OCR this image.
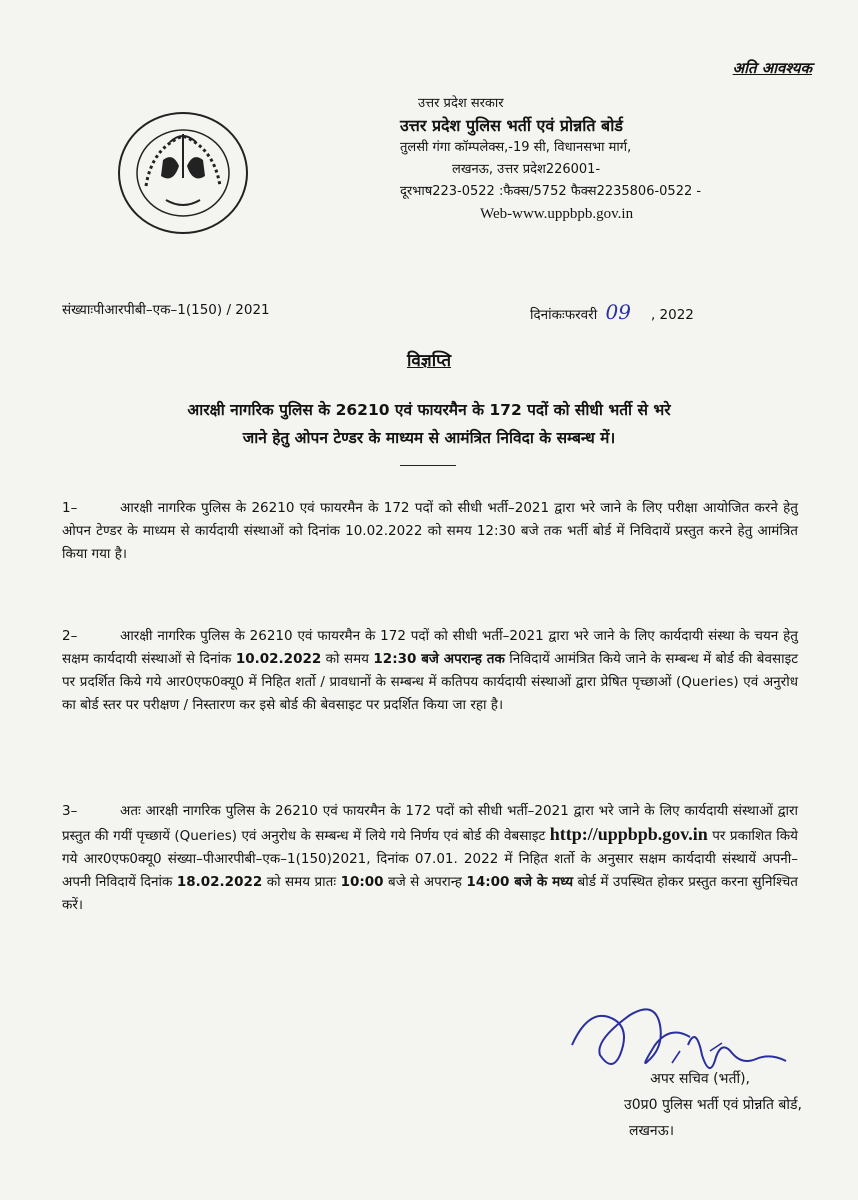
अति आवश्यक
उत्तर प्रदेश सरकार
उत्तर प्रदेश पुलिस भर्ती एवं प्रोन्नति बोर्ड
तुलसी गंगा कॉम्पलेक्स,-19 सी, विधानसभा मार्ग,
लखनऊ, उत्तर प्रदेश226001-
दूरभाष223-0522 :फैक्स/5752 फैक्स2235806-0522 -
Web-www.uppbpb.gov.in
संख्याःपीआरपीबी–एक–1(150) / 2021	दिनांकःफरवरी 09 , 2022
विज्ञप्ति
आरक्षी नागरिक पुलिस के 26210 एवं फायरमैन के 172 पदों को सीधी भर्ती से भरे
जाने हेतु ओपन टेण्डर के माध्यम से आमंत्रित निविदा के सम्बन्ध में।
1–	आरक्षी नागरिक पुलिस के 26210 एवं फायरमैन के 172 पदों को सीधी भर्ती–2021 द्वारा भरे जाने के लिए परीक्षा आयोजित करने हेतु ओपन टेण्डर के माध्यम से कार्यदायी संस्थाओं को दिनांक 10.02.2022 को समय 12:30 बजे तक भर्ती बोर्ड में निविदायें प्रस्तुत करने हेतु आमंत्रित किया गया है।
2–	आरक्षी नागरिक पुलिस के 26210 एवं फायरमैन के 172 पदों को सीधी भर्ती–2021 द्वारा भरे जाने के लिए कार्यदायी संस्था के चयन हेतु सक्षम कार्यदायी संस्थाओं से दिनांक 10.02.2022 को समय 12:30 बजे अपरान्ह तक निविदायें आमंत्रित किये जाने के सम्बन्ध में बोर्ड की बेवसाइट पर प्रदर्शित किये गये आर0एफ0क्यू0 में निहित शर्तो / प्रावधानों के सम्बन्ध में कतिपय कार्यदायी संस्थाओं द्वारा प्रेषित पृच्छाओं (Queries) एवं अनुरोध का बोर्ड स्तर पर परीक्षण / निस्तारण कर इसे बोर्ड की बेवसाइट पर प्रदर्शित किया जा रहा है।
3–	अतः आरक्षी नागरिक पुलिस के 26210 एवं फायरमैन के 172 पदों को सीधी भर्ती–2021 द्वारा भरे जाने के लिए कार्यदायी संस्थाओं द्वारा प्रस्तुत की गयीं पृच्छायें (Queries) एवं अनुरोध के सम्बन्ध में लिये गये निर्णय एवं बोर्ड की वेबसाइट http://uppbpb.gov.in पर प्रकाशित किये गये आर0एफ0क्यू0 संख्या–पीआरपीबी–एक–1(150)2021, दिनांक 07.01. 2022 में निहित शर्तो के अनुसार सक्षम कार्यदायी संस्थायें अपनी–अपनी निविदायें दिनांक 18.02.2022 को समय प्रातः 10:00 बजे से अपरान्ह 14:00 बजे के मध्य बोर्ड में उपस्थित होकर प्रस्तुत करना सुनिश्चित करें।
अपर सचिव (भर्ती),
उ0प्र0 पुलिस भर्ती एवं प्रोन्नति बोर्ड,
लखनऊ।
